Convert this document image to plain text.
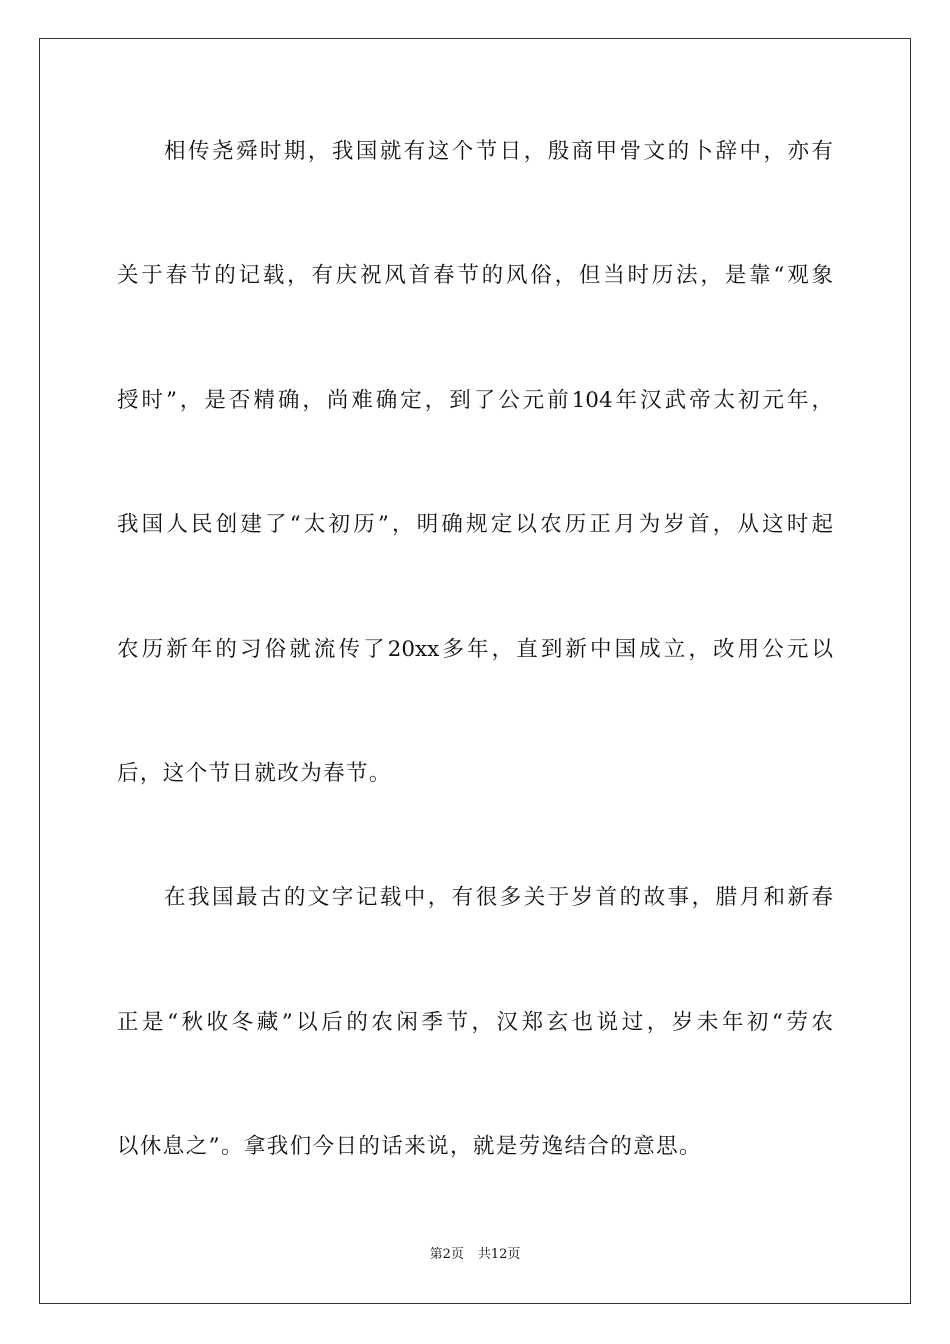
相传尧舜时期，我国就有这个节日，殷商甲骨文的卜辞中，亦有
关于春节的记载，有庆祝风首春节的风俗，但当时历法，是靠“观象
授时”，是否精确，尚难确定，到了公元前104年汉武帝太初元年，
我国人民创建了“太初历”，明确规定以农历正月为岁首，从这时起
农历新年的习俗就流传了20xx多年，直到新中国成立，改用公元以
后，这个节日就改为春节。
在我国最古的文字记载中，有很多关于岁首的故事，腊月和新春
正是“秋收冬藏”以后的农闲季节，汉郑玄也说过，岁未年初“劳农
以休息之”。拿我们今日的话来说，就是劳逸结合的意思。
第2页 共12页
